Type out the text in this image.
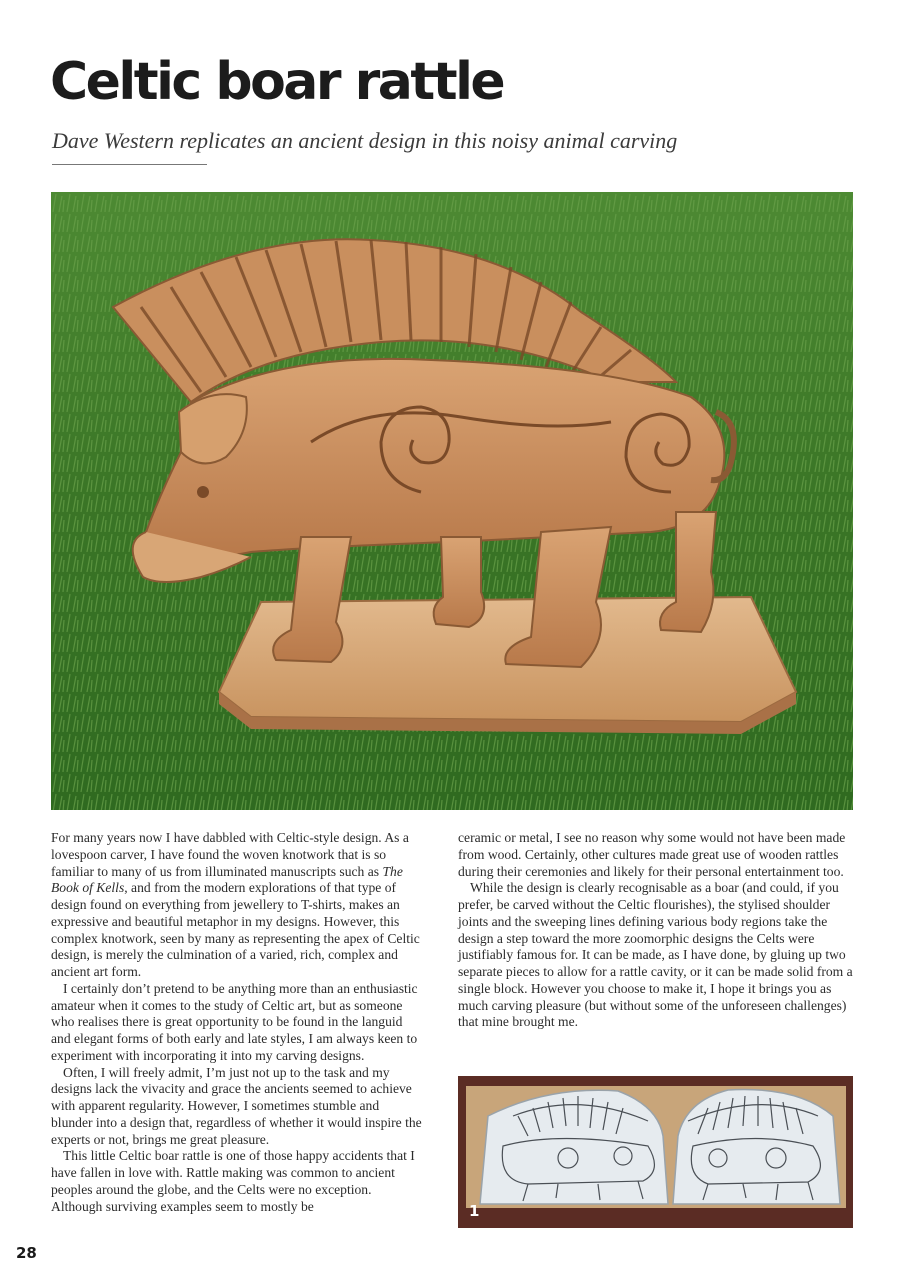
Celtic boar rattle
Dave Western replicates an ancient design in this noisy animal carving

For many years now I have dabbled with Celtic-style design. As a lovespoon carver, I have found the woven knotwork that is so familiar to many of us from illuminated manuscripts such as The Book of Kells, and from the modern explorations of that type of design found on everything from jewellery to T-shirts, makes an expressive and beautiful metaphor in my designs. However, this complex knotwork, seen by many as representing the apex of Celtic design, is merely the culmination of a varied, rich, complex and ancient art form.

I certainly don’t pretend to be anything more than an enthusiastic amateur when it comes to the study of Celtic art, but as someone who realises there is great opportunity to be found in the languid and elegant forms of both early and late styles, I am always keen to experiment with incorporating it into my carving designs.

Often, I will freely admit, I’m just not up to the task and my designs lack the vivacity and grace the ancients seemed to achieve with apparent regularity. However, I sometimes stumble and blunder into a design that, regardless of whether it would inspire the experts or not, brings me great pleasure.

This little Celtic boar rattle is one of those happy accidents that I have fallen in love with. Rattle making was common to ancient peoples around the globe, and the Celts were no exception. Although surviving examples seem to mostly be

ceramic or metal, I see no reason why some would not have been made from wood. Certainly, other cultures made great use of wooden rattles during their ceremonies and likely for their personal entertainment too.

While the design is clearly recognisable as a boar (and could, if you prefer, be carved without the Celtic flourishes), the stylised shoulder joints and the sweeping lines defining various body regions take the design a step toward the more zoomorphic designs the Celts were justifiably famous for. It can be made, as I have done, by gluing up two separate pieces to allow for a rattle cavity, or it can be made solid from a single block. However you choose to make it, I hope it brings you as much carving pleasure (but without some of the unforeseen challenges) that mine brought me.

1
28
